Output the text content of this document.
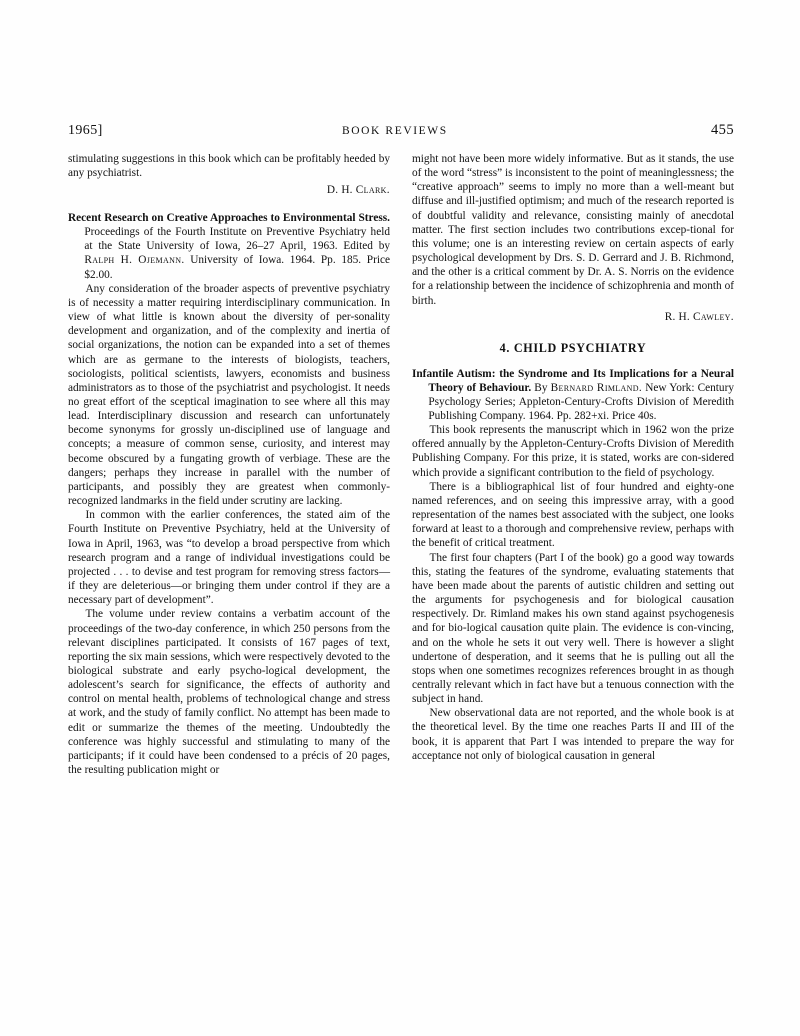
1965]	BOOK REVIEWS	455

stimulating suggestions in this book which can be profitably heeded by any psychiatrist.

D. H. Clark.

Recent Research on Creative Approaches to Environmental Stress. Proceedings of the Fourth Institute on Preventive Psychiatry held at the State University of Iowa, 26–27 April, 1963. Edited by Ralph H. Ojemann. University of Iowa. 1964. Pp. 185. Price $2.00.

Any consideration of the broader aspects of preventive psychiatry is of necessity a matter requiring interdisciplinary communication. In view of what little is known about the diversity of per-sonality development and organization, and of the complexity and inertia of social organizations, the notion can be expanded into a set of themes which are as germane to the interests of biologists, teachers, sociologists, political scientists, lawyers, economists and business administrators as to those of the psychiatrist and psychologist. It needs no great effort of the sceptical imagination to see where all this may lead. Interdisciplinary discussion and research can unfortunately become synonyms for grossly un-disciplined use of language and concepts; a measure of common sense, curiosity, and interest may become obscured by a fungating growth of verbiage. These are the dangers; perhaps they increase in parallel with the number of participants, and possibly they are greatest when commonly-recognized landmarks in the field under scrutiny are lacking.

In common with the earlier conferences, the stated aim of the Fourth Institute on Preventive Psychiatry, held at the University of Iowa in April, 1963, was “to develop a broad perspective from which research program and a range of individual investigations could be projected . . . to devise and test program for removing stress factors—if they are deleterious—or bringing them under control if they are a necessary part of development”.

The volume under review contains a verbatim account of the proceedings of the two-day conference, in which 250 persons from the relevant disciplines participated. It consists of 167 pages of text, reporting the six main sessions, which were respectively devoted to the biological substrate and early psycho-logical development, the adolescent’s search for significance, the effects of authority and control on mental health, problems of technological change and stress at work, and the study of family conflict. No attempt has been made to edit or summarize the themes of the meeting. Undoubtedly the conference was highly successful and stimulating to many of the participants; if it could have been condensed to a précis of 20 pages, the resulting publication might or

might not have been more widely informative. But as it stands, the use of the word “stress” is inconsistent to the point of meaninglessness; the “creative approach” seems to imply no more than a well-meant but diffuse and ill-justified optimism; and much of the research reported is of doubtful validity and relevance, consisting mainly of anecdotal matter. The first section includes two contributions excep-tional for this volume; one is an interesting review on certain aspects of early psychological development by Drs. S. D. Gerrard and J. B. Richmond, and the other is a critical comment by Dr. A. S. Norris on the evidence for a relationship between the incidence of schizophrenia and month of birth.

R. H. Cawley.

4. CHILD PSYCHIATRY

Infantile Autism: the Syndrome and Its Implications for a Neural Theory of Behaviour. By Bernard Rimland. New York: Century Psychology Series; Appleton-Century-Crofts Division of Meredith Publishing Company. 1964. Pp. 282+xi. Price 40s.

This book represents the manuscript which in 1962 won the prize offered annually by the Appleton-Century-Crofts Division of Meredith Publishing Company. For this prize, it is stated, works are con-sidered which provide a significant contribution to the field of psychology.

There is a bibliographical list of four hundred and eighty-one named references, and on seeing this impressive array, with a good representation of the names best associated with the subject, one looks forward at least to a thorough and comprehensive review, perhaps with the benefit of critical treatment.

The first four chapters (Part I of the book) go a good way towards this, stating the features of the syndrome, evaluating statements that have been made about the parents of autistic children and setting out the arguments for psychogenesis and for biological causation respectively. Dr. Rimland makes his own stand against psychogenesis and for bio-logical causation quite plain. The evidence is con-vincing, and on the whole he sets it out very well. There is however a slight undertone of desperation, and it seems that he is pulling out all the stops when one sometimes recognizes references brought in as though centrally relevant which in fact have but a tenuous connection with the subject in hand.

New observational data are not reported, and the whole book is at the theoretical level. By the time one reaches Parts II and III of the book, it is apparent that Part I was intended to prepare the way for acceptance not only of biological causation in general
